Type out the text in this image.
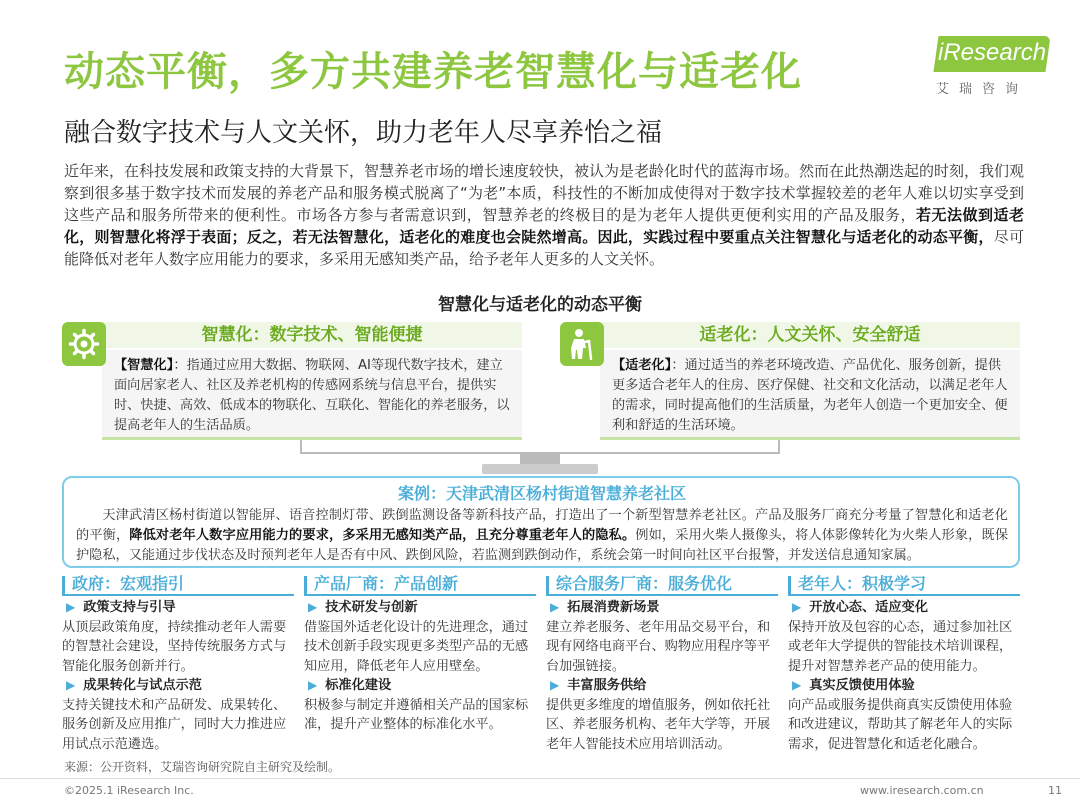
动态平衡，多方共建养老智慧化与适老化	iResearch
艾瑞咨询
融合数字技术与人文关怀，助力老年人尽享养怡之福
近年来，在科技发展和政策支持的大背景下，智慧养老市场的增长速度较快，被认为是老龄化时代的蓝海市场。然而在此热潮迭起的时刻，我们观察到很多基于数字技术而发展的养老产品和服务模式脱离了“为老”本质，科技性的不断加成使得对于数字技术掌握较差的老年人难以切实享受到这些产品和服务所带来的便利性。市场各方参与者需意识到，智慧养老的终极目的是为老年人提供更便利实用的产品及服务，若无法做到适老化，则智慧化将浮于表面；反之，若无法智慧化，适老化的难度也会陡然增高。因此，实践过程中要重点关注智慧化与适老化的动态平衡，尽可能降低对老年人数字应用能力的要求，多采用无感知类产品，给予老年人更多的人文关怀。
智慧化与适老化的动态平衡
智慧化：数字技术、智能便捷
【智慧化】：指通过应用大数据、物联网、AI等现代数字技术，建立面向居家老人、社区及养老机构的传感网系统与信息平台，提供实时、快捷、高效、低成本的物联化、互联化、智能化的养老服务，以提高老年人的生活品质。
适老化：人文关怀、安全舒适
【适老化】：通过适当的养老环境改造、产品优化、服务创新，提供更多适合老年人的住房、医疗保健、社交和文化活动，以满足老年人的需求，同时提高他们的生活质量，为老年人创造一个更加安全、便利和舒适的生活环境。
案例：天津武清区杨村街道智慧养老社区
天津武清区杨村街道以智能屏、语音控制灯带、跌倒监测设备等新科技产品，打造出了一个新型智慧养老社区。产品及服务厂商充分考量了智慧化和适老化的平衡，降低对老年人数字应用能力的要求，多采用无感知类产品，且充分尊重老年人的隐私。例如，采用火柴人摄像头，将人体影像转化为火柴人形象，既保护隐私，又能通过步伐状态及时预判老年人是否有中风、跌倒风险，若监测到跌倒动作，系统会第一时间向社区平台报警，并发送信息通知家属。
政府：宏观指引
▶ 政策支持与引导
从顶层政策角度，持续推动老年人需要的智慧社会建设，坚持传统服务方式与智能化服务创新并行。
▶ 成果转化与试点示范
支持关键技术和产品研发、成果转化、服务创新及应用推广，同时大力推进应用试点示范遴选。
产品厂商：产品创新
▶ 技术研发与创新
借鉴国外适老化设计的先进理念，通过技术创新手段实现更多类型产品的无感知应用，降低老年人应用壁垒。
▶ 标准化建设
积极参与制定并遵循相关产品的国家标准，提升产业整体的标准化水平。
综合服务厂商：服务优化
▶ 拓展消费新场景
建立养老服务、老年用品交易平台，和现有网络电商平台、购物应用程序等平台加强链接。
▶ 丰富服务供给
提供更多维度的增值服务，例如依托社区、养老服务机构、老年大学等，开展老年人智能技术应用培训活动。
老年人：积极学习
▶ 开放心态、适应变化
保持开放及包容的心态，通过参加社区或老年大学提供的智能技术培训课程，提升对智慧养老产品的使用能力。
▶ 真实反馈使用体验
向产品或服务提供商真实反馈使用体验和改进建议，帮助其了解老年人的实际需求，促进智慧化和适老化融合。
来源：公开资料，艾瑞咨询研究院自主研究及绘制。
©2025.1 iResearch Inc.	www.iresearch.com.cn	11
